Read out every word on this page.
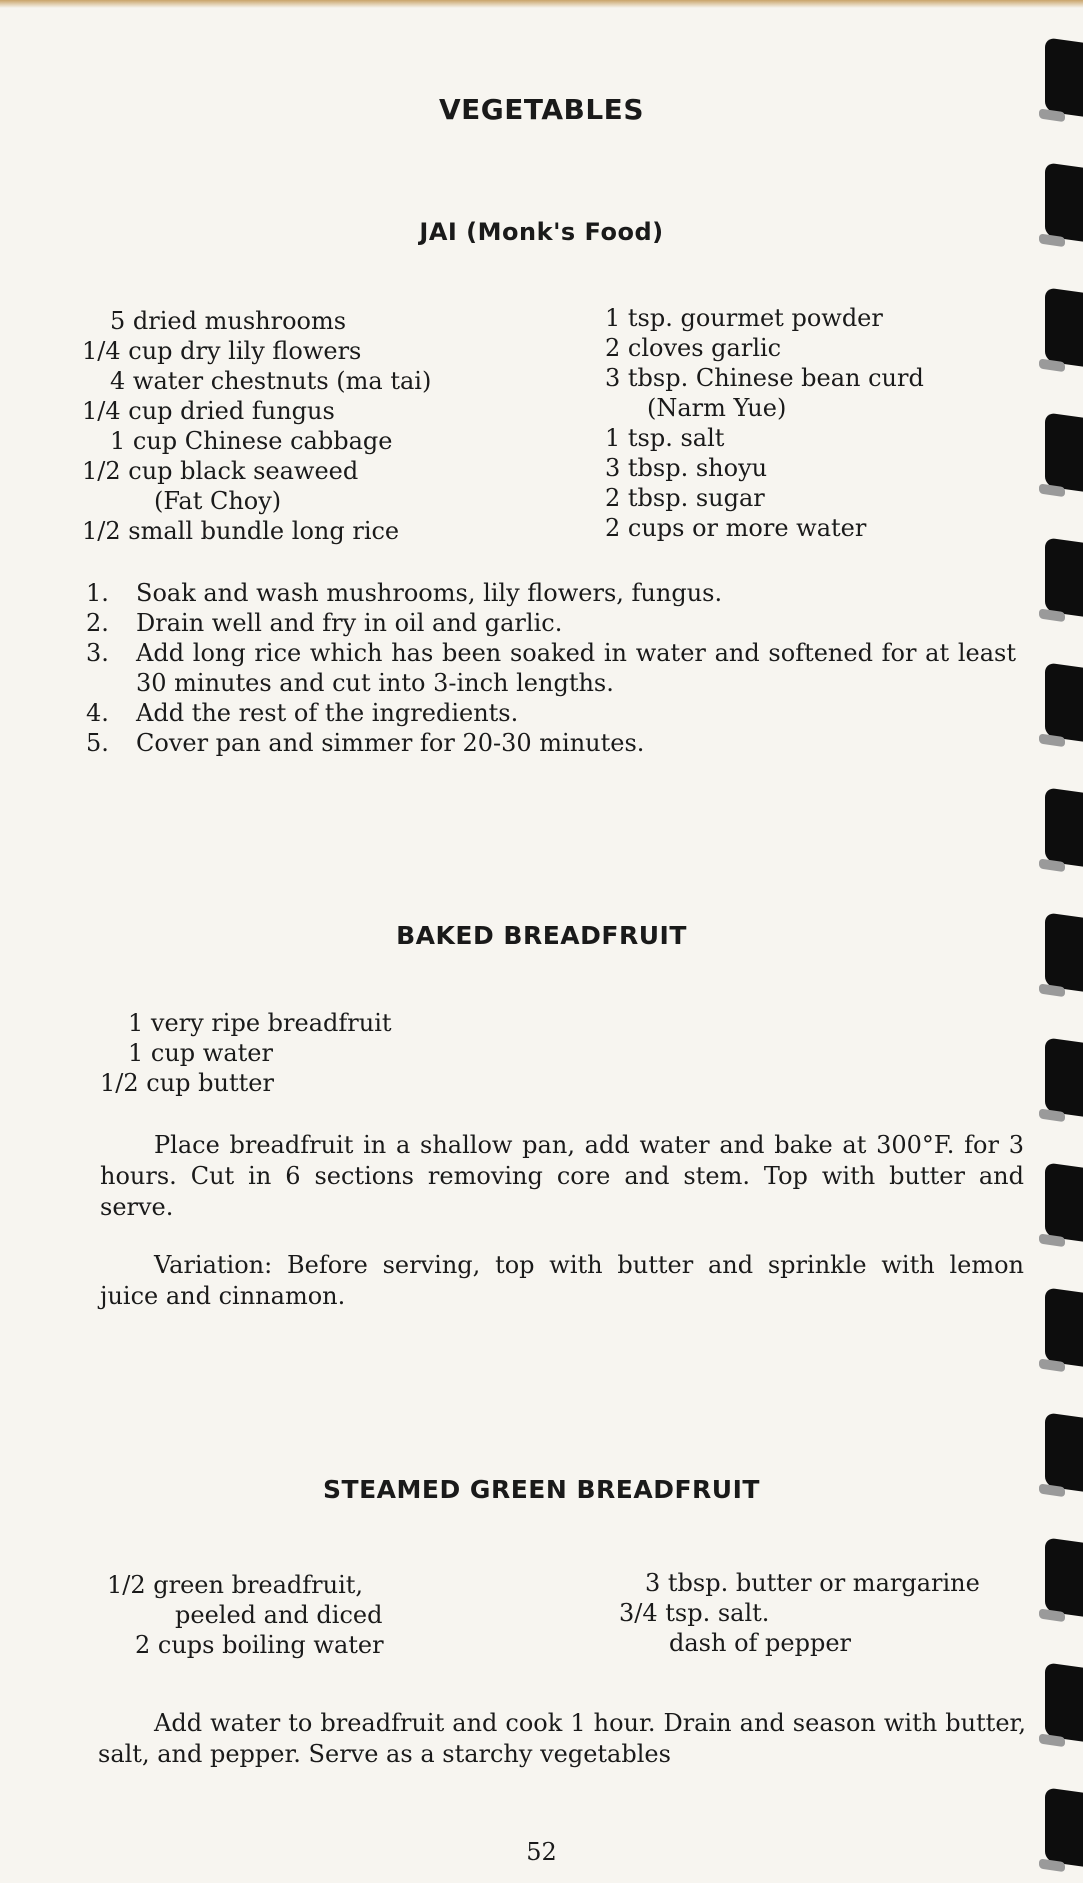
VEGETABLES
JAI (Monk's Food)
5 dried mushrooms
1/4 cup dry lily flowers
4 water chestnuts (ma tai)
1/4 cup dried fungus
1 cup Chinese cabbage
1/2 cup black seaweed
(Fat Choy)
1/2 small bundle long rice
1 tsp. gourmet powder
2 cloves garlic
3 tbsp. Chinese bean curd
(Narm Yue)
1 tsp. salt
3 tbsp. shoyu
2 tbsp. sugar
2 cups or more water
1.	Soak and wash mushrooms, lily flowers, fungus.
2.	Drain well and fry in oil and garlic.
3.	Add long rice which has been soaked in water and softened for at least 30 minutes and cut into 3-inch lengths.
4.	Add the rest of the ingredients.
5.	Cover pan and simmer for 20-30 minutes.
BAKED BREADFRUIT
1 very ripe breadfruit
1 cup water
1/2 cup butter
Place breadfruit in a shallow pan, add water and bake at 300°F. for 3 hours. Cut in 6 sections removing core and stem. Top with butter and serve.
Variation: Before serving, top with butter and sprinkle with lemon juice and cinnamon.
STEAMED GREEN BREADFRUIT
1/2 green breadfruit,
peeled and diced
2 cups boiling water
3 tbsp. butter or margarine
3/4 tsp. salt.
dash of pepper
Add water to breadfruit and cook 1 hour. Drain and season with butter, salt, and pepper. Serve as a starchy vegetables
52
